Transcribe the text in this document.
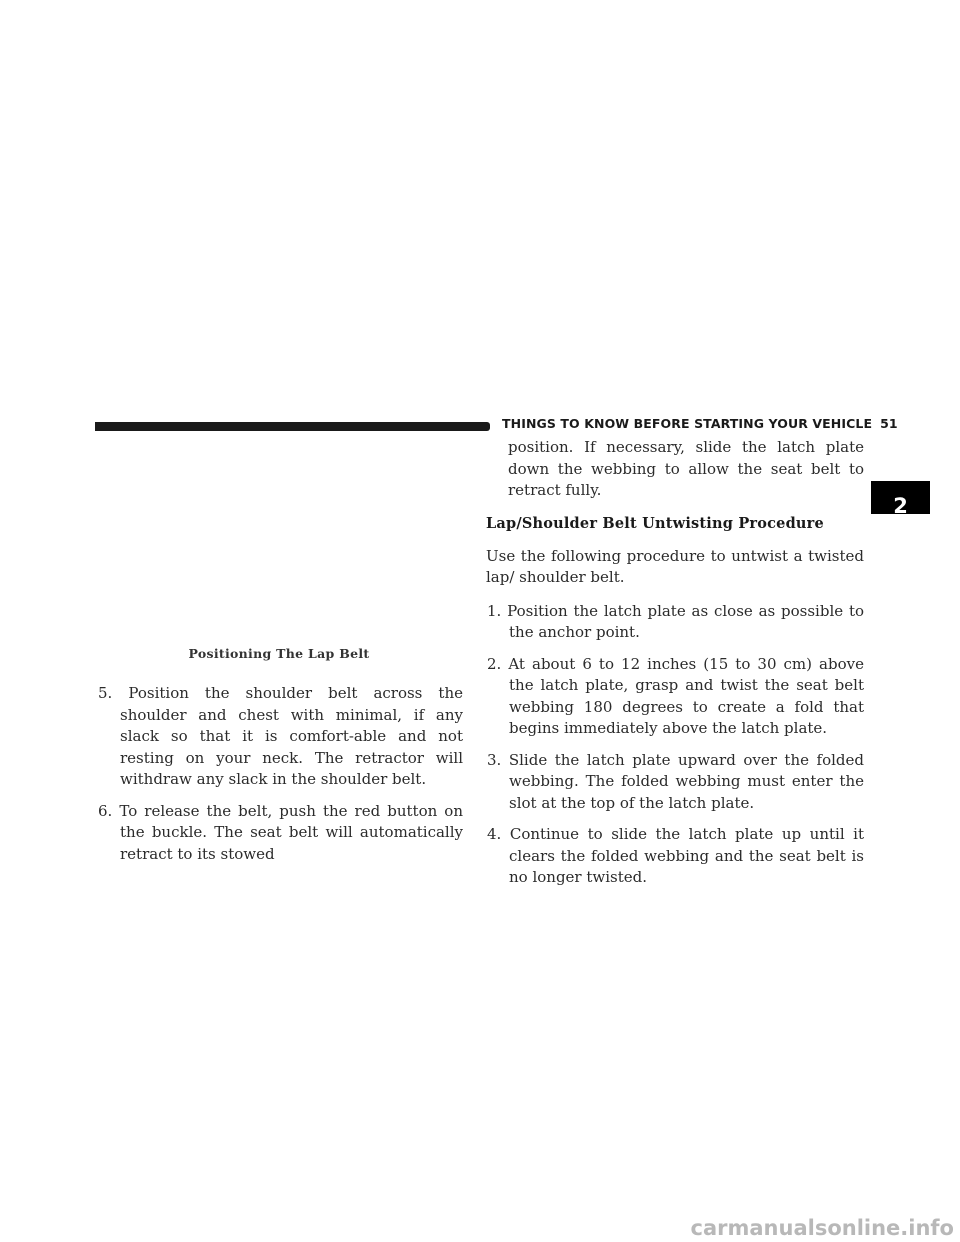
THINGS TO KNOW BEFORE STARTING YOUR VEHICLE 51
2
Positioning The Lap Belt

5. Position the shoulder belt across the shoulder and chest with minimal, if any slack so that it is comfort-able and not resting on your neck. The retractor will withdraw any slack in the shoulder belt.

6. To release the belt, push the red button on the buckle. The seat belt will automatically retract to its stowed

position. If necessary, slide the latch plate down the webbing to allow the seat belt to retract fully.

Lap/Shoulder Belt Untwisting Procedure

Use the following procedure to untwist a twisted lap/ shoulder belt.

1. Position the latch plate as close as possible to the anchor point.

2. At about 6 to 12 inches (15 to 30 cm) above the latch plate, grasp and twist the seat belt webbing 180 degrees to create a fold that begins immediately above the latch plate.

3. Slide the latch plate upward over the folded webbing. The folded webbing must enter the slot at the top of the latch plate.

4. Continue to slide the latch plate up until it clears the folded webbing and the seat belt is no longer twisted.

carmanualsonline.info
